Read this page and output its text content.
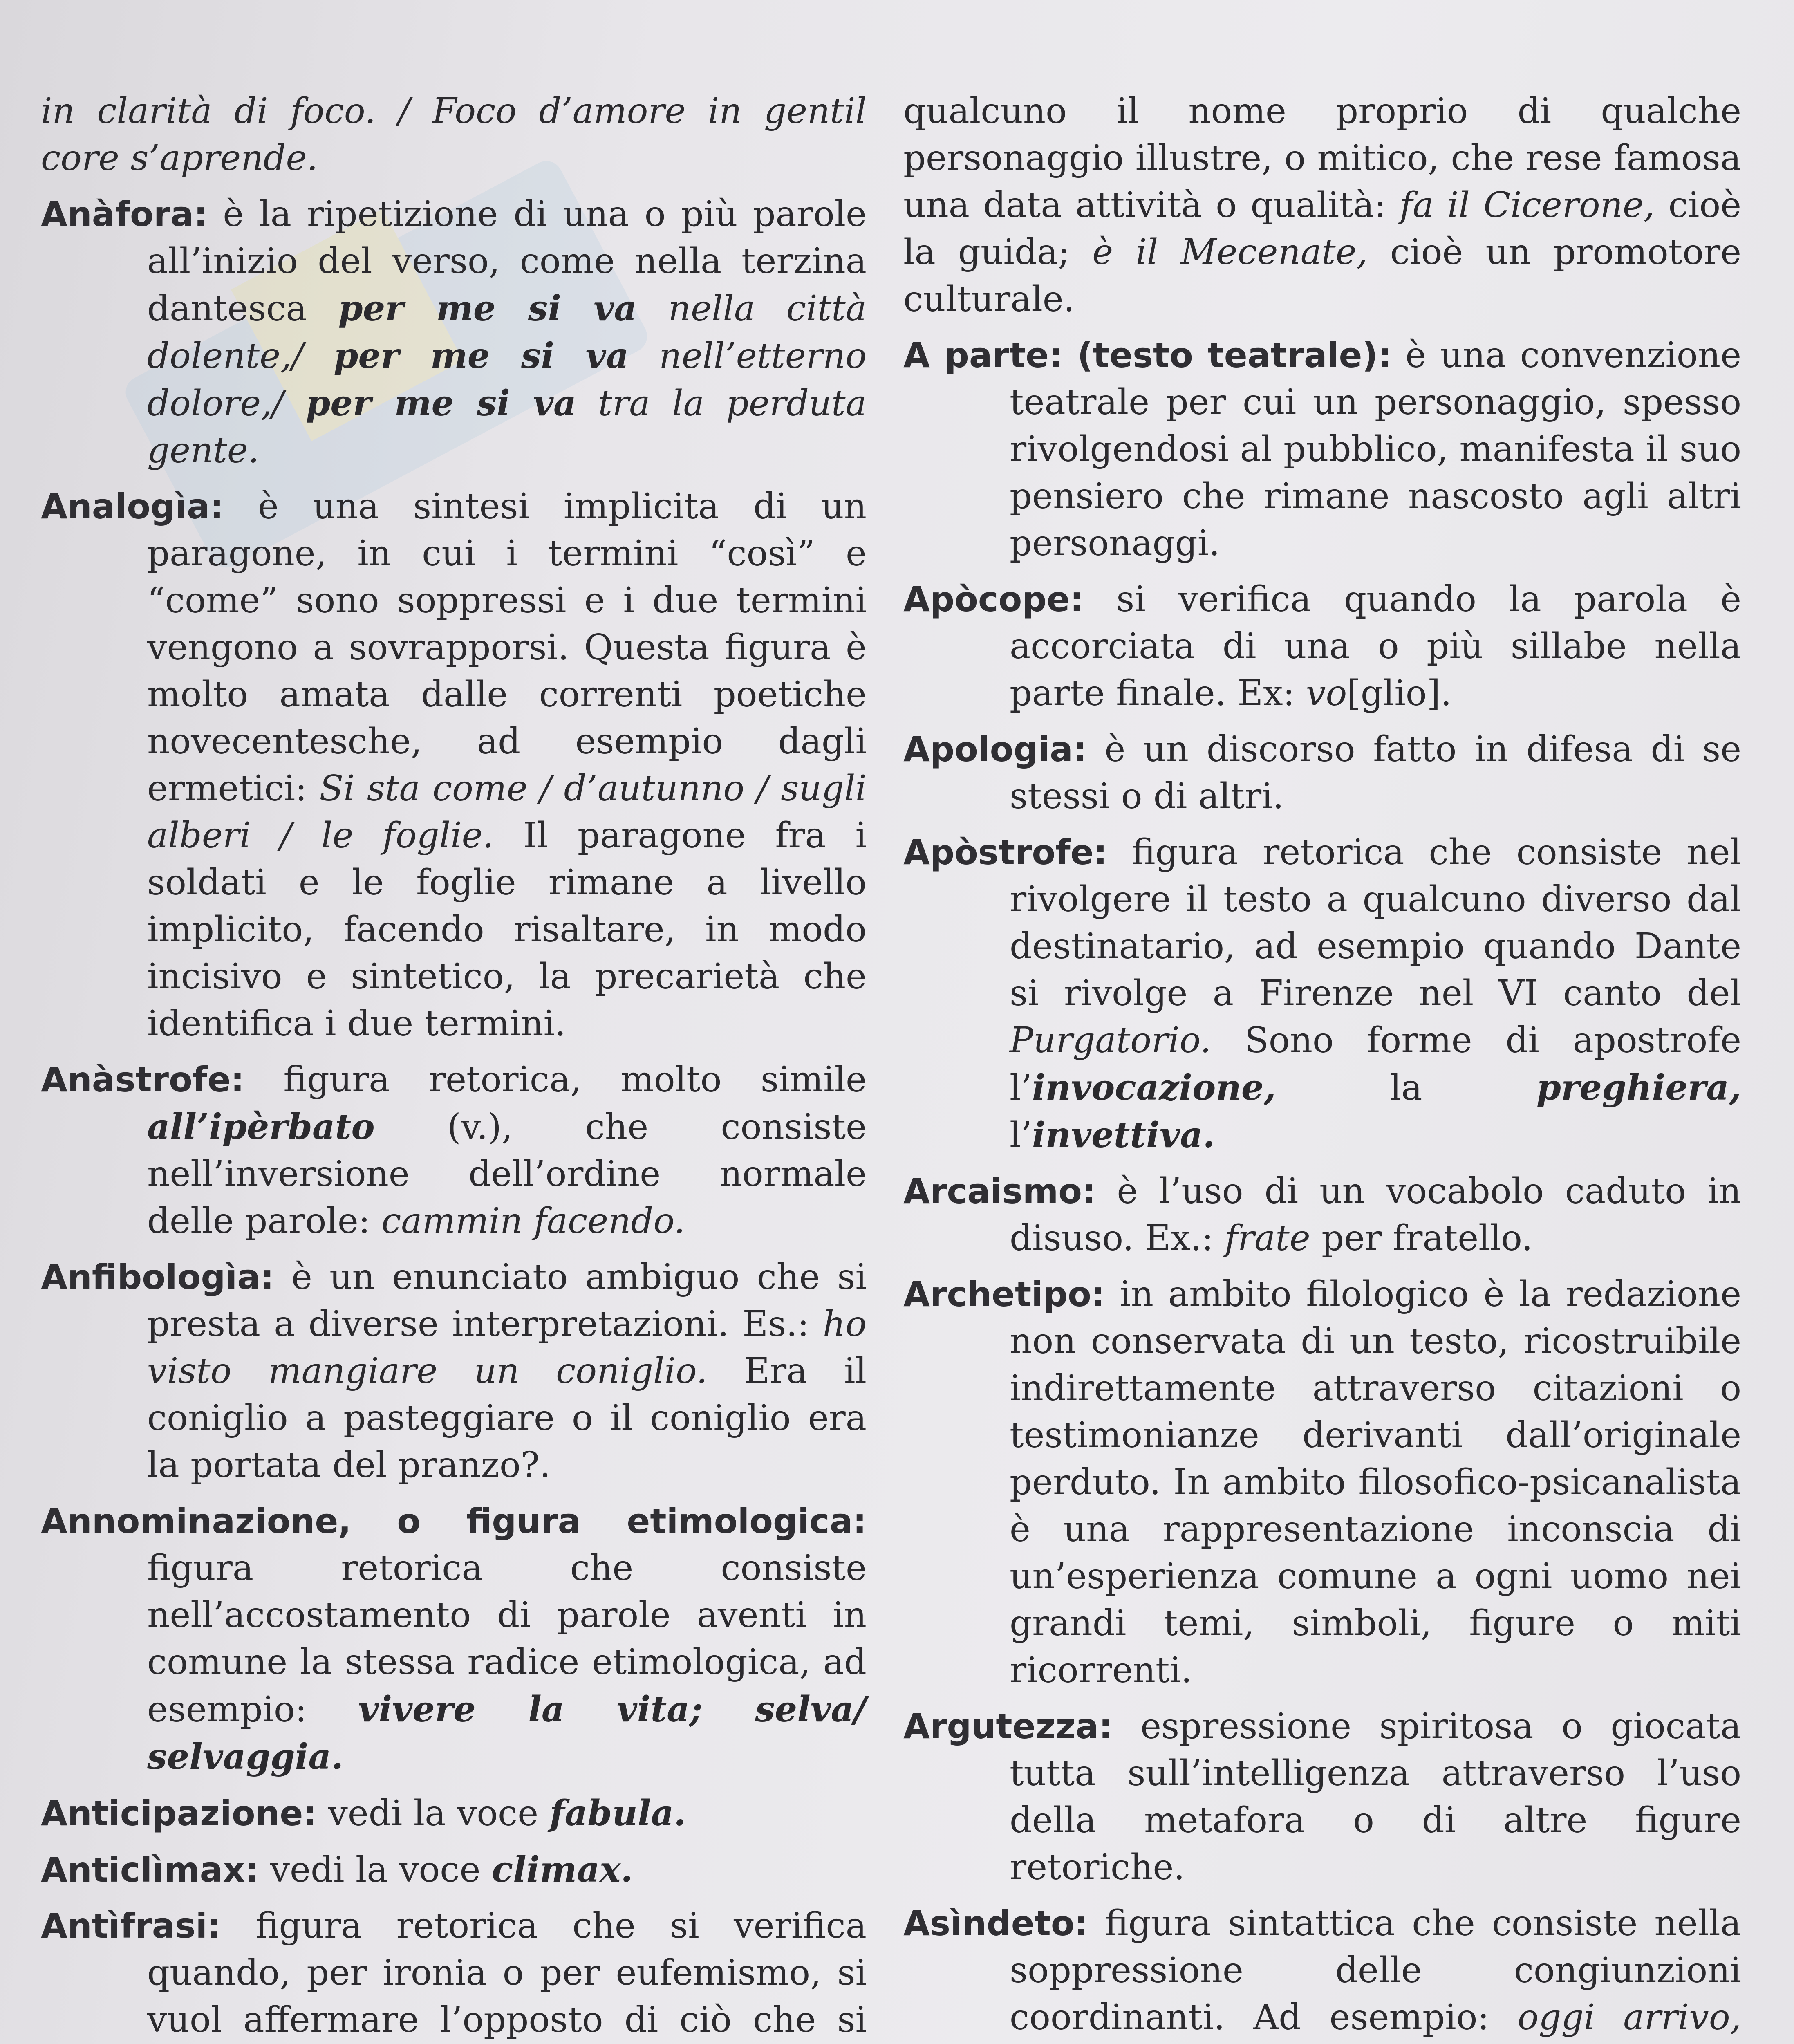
in clarità di foco. / Foco d’amore in gentil core s’aprende.

Anàfora: è la ripetizione di una o più parole all’inizio del verso, come nella terzina dantesca per me si va nella città dolente,/ per me si va nell’etterno dolore,/ per me si va tra la perduta gente.

Analogìa: è una sintesi implicita di un paragone, in cui i termini “così” e “come” sono soppressi e i due termini vengono a sovrapporsi. Questa figura è molto amata dalle correnti poetiche novecentesche, ad esempio dagli ermetici: Si sta come / d’autunno / sugli alberi / le foglie. Il paragone fra i soldati e le foglie rimane a livello implicito, facendo risaltare, in modo incisivo e sintetico, la precarietà che identifica i due termini.

Anàstrofe: figura retorica, molto simile all’ipèrbato (v.), che consiste nell’inversione dell’ordine normale delle parole: cammin facendo.

Anfibologìa: è un enunciato ambiguo che si presta a diverse interpretazioni. Es.: ho visto mangiare un coniglio. Era il coniglio a pasteggiare o il coniglio era la portata del pranzo?.

Annominazione, o figura etimologica: figura retorica che consiste nell’accostamento di parole aventi in comune la stessa radice etimologica, ad esempio: vivere la vita; selva/ selvaggia.

Anticipazione: vedi la voce fabula.

Anticlìmax: vedi la voce climax.

Antìfrasi: figura retorica che si verifica quando, per ironia o per eufemismo, si vuol affermare l’opposto di ciò che si

qualcuno il nome proprio di qualche personaggio illustre, o mitico, che rese famosa una data attività o qualità: fa il Cicerone, cioè la guida; è il Mecenate, cioè un promotore culturale.

A parte: (testo teatrale): è una convenzione teatrale per cui un personaggio, spesso rivolgendosi al pubblico, manifesta il suo pensiero che rimane nascosto agli altri personaggi.

Apòcope: si verifica quando la parola è accorciata di una o più sillabe nella parte finale. Ex: vo[glio].

Apologia: è un discorso fatto in difesa di se stessi o di altri.

Apòstrofe: figura retorica che consiste nel rivolgere il testo a qualcuno diverso dal destinatario, ad esempio quando Dante si rivolge a Firenze nel VI canto del Purgatorio. Sono forme di apostrofe l’invocazione, la preghiera, l’invettiva.

Arcaismo: è l’uso di un vocabolo caduto in disuso. Ex.: frate per fratello.

Archetipo: in ambito filologico è la redazione non conservata di un testo, ricostruibile indirettamente attraverso citazioni o testimonianze derivanti dall’originale perduto. In ambito filosofico-psicanalista è una rappresentazione inconscia di un’esperienza comune a ogni uomo nei grandi temi, simboli, figure o miti ricorrenti.

Argutezza: espressione spiritosa o giocata tutta sull’intelligenza attraverso l’uso della metafora o di altre figure retoriche.

Asìndeto: figura sintattica che consiste nella soppressione delle congiunzioni coordinanti. Ad esempio: oggi arrivo,
